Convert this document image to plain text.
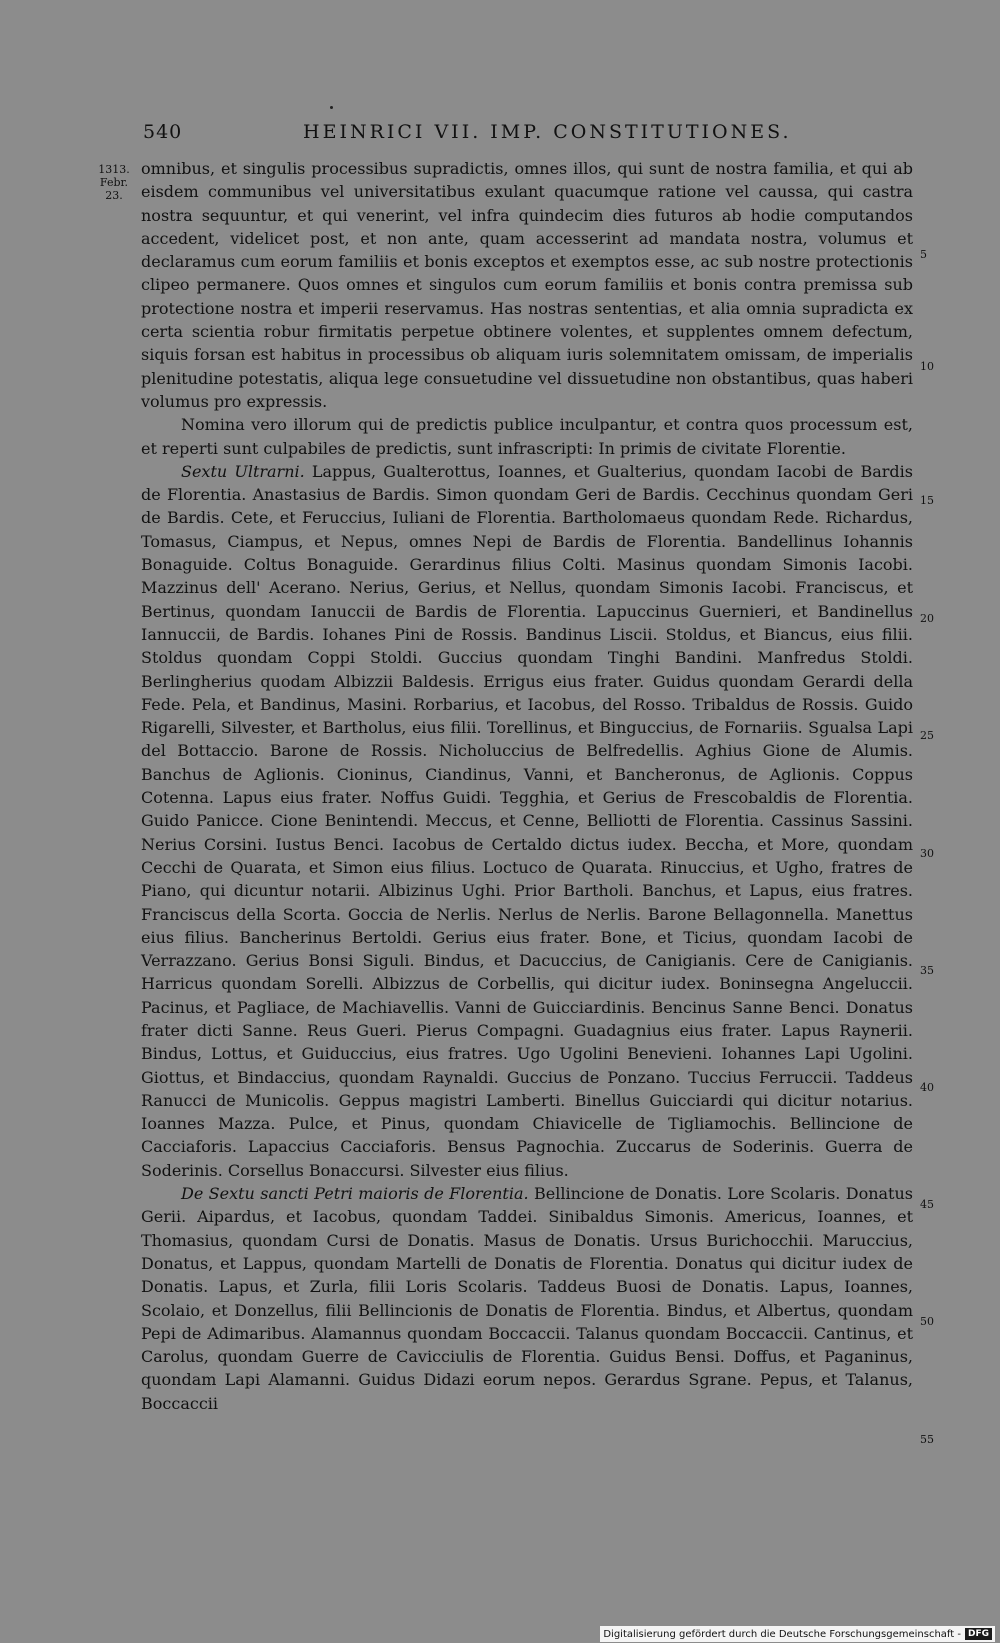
540	HEINRICI VII. IMP. CONSTITUTIONES.
1313.
Febr.
23.

omnibus, et singulis processibus supradictis, omnes illos, qui sunt de nostra familia, et qui ab eisdem communibus vel universitatibus exulant quacumque ratione vel caussa, qui castra nostra sequuntur, et qui venerint, vel infra quindecim dies futuros ab hodie computandos accedent, videlicet post, et non ante, quam accesserint ad mandata nostra, volumus et declaramus cum eorum familiis et bonis exceptos et exemptos esse, ac sub nostre protectionis clipeo permanere. Quos omnes et singulos cum eorum familiis et bonis contra premissa sub protectione nostra et imperii reservamus. Has nostras sententias, et alia omnia supradicta ex certa scientia robur firmitatis perpetue obtinere volentes, et supplentes omnem defectum, siquis forsan est habitus in processibus ob aliquam iuris solemnitatem omissam, de imperialis plenitudine potestatis, aliqua lege consuetudine vel dissuetudine non obstantibus, quas haberi volumus pro expressis.

Nomina vero illorum qui de predictis publice inculpantur, et contra quos processum est, et reperti sunt culpabiles de predictis, sunt infrascripti: In primis de civitate Florentie.

Sextu Ultrarni. Lappus, Gualterottus, Ioannes, et Gualterius, quondam Iacobi de Bardis de Florentia. Anastasius de Bardis. Simon quondam Geri de Bardis. Cecchinus quondam Geri de Bardis. Cete, et Feruccius, Iuliani de Florentia. Bartholomaeus quondam Rede. Richardus, Tomasus, Ciampus, et Nepus, omnes Nepi de Bardis de Florentia. Bandellinus Iohannis Bonaguide. Coltus Bonaguide. Gerardinus filius Colti. Masinus quondam Simonis Iacobi. Mazzinus dell' Acerano. Nerius, Gerius, et Nellus, quondam Simonis Iacobi. Franciscus, et Bertinus, quondam Ianuccii de Bardis de Florentia. Lapuccinus Guernieri, et Bandinellus Iannuccii, de Bardis. Iohanes Pini de Rossis. Bandinus Liscii. Stoldus, et Biancus, eius filii. Stoldus quondam Coppi Stoldi. Guccius quondam Tinghi Bandini. Manfredus Stoldi. Berlingherius quodam Albizzii Baldesis. Errigus eius frater. Guidus quondam Gerardi della Fede. Pela, et Bandinus, Masini. Rorbarius, et Iacobus, del Rosso. Tribaldus de Rossis. Guido Rigarelli, Silvester, et Bartholus, eius filii. Torellinus, et Binguccius, de Fornariis. Sgualsa Lapi del Bottaccio. Barone de Rossis. Nicholuccius de Belfredellis. Aghius Gione de Alumis. Banchus de Aglionis. Cioninus, Ciandinus, Vanni, et Bancheronus, de Aglionis. Coppus Cotenna. Lapus eius frater. Noffus Guidi. Tegghia, et Gerius de Frescobaldis de Florentia. Guido Panicce. Cione Benintendi. Meccus, et Cenne, Belliotti de Florentia. Cassinus Sassini. Nerius Corsini. Iustus Benci. Iacobus de Certaldo dictus iudex. Beccha, et More, quondam Cecchi de Quarata, et Simon eius filius. Loctuco de Quarata. Rinuccius, et Ugho, fratres de Piano, qui dicuntur notarii. Albizinus Ughi. Prior Bartholi. Banchus, et Lapus, eius fratres. Franciscus della Scorta. Goccia de Nerlis. Nerlus de Nerlis. Barone Bellagonnella. Manettus eius filius. Bancherinus Bertoldi. Gerius eius frater. Bone, et Ticius, quondam Iacobi de Verrazzano. Gerius Bonsi Siguli. Bindus, et Dacuccius, de Canigianis. Cere de Canigianis. Harricus quondam Sorelli. Albizzus de Corbellis, qui dicitur iudex. Boninsegna Angeluccii. Pacinus, et Pagliace, de Machiavellis. Vanni de Guicciardinis. Bencinus Sanne Benci. Donatus frater dicti Sanne. Reus Gueri. Pierus Compagni. Guadagnius eius frater. Lapus Raynerii. Bindus, Lottus, et Guiduccius, eius fratres. Ugo Ugolini Benevieni. Iohannes Lapi Ugolini. Giottus, et Bindaccius, quondam Raynaldi. Guccius de Ponzano. Tuccius Ferruccii. Taddeus Ranucci de Municolis. Geppus magistri Lamberti. Binellus Guicciardi qui dicitur notarius. Ioannes Mazza. Pulce, et Pinus, quondam Chiavicelle de Tigliamochis. Bellincione de Cacciaforis. Lapaccius Cacciaforis. Bensus Pagnochia. Zuccarus de Soderinis. Guerra de Soderinis. Corsellus Bonaccursi. Silvester eius filius.

De Sextu sancti Petri maioris de Florentia. Bellincione de Donatis. Lore Scolaris. Donatus Gerii. Aipardus, et Iacobus, quondam Taddei. Sinibaldus Simonis. Americus, Ioannes, et Thomasius, quondam Cursi de Donatis. Masus de Donatis. Ursus Burichocchii. Maruccius, Donatus, et Lappus, quondam Martelli de Donatis de Florentia. Donatus qui dicitur iudex de Donatis. Lapus, et Zurla, filii Loris Scolaris. Taddeus Buosi de Donatis. Lapus, Ioannes, Scolaio, et Donzellus, filii Bellincionis de Donatis de Florentia. Bindus, et Albertus, quondam Pepi de Adimaribus. Alamannus quondam Boccaccii. Talanus quondam Boccaccii. Cantinus, et Carolus, quondam Guerre de Cavicciulis de Florentia. Guidus Bensi. Doffus, et Paganinus, quondam Lapi Alamanni. Guidus Didazi eorum nepos. Gerardus Sgrane. Pepus, et Talanus, Boccaccii

5
10
15
20
25
30
35
40
45
50
55
Digitalisierung gefördert durch die Deutsche Forschungsgemeinschaft - DFG
